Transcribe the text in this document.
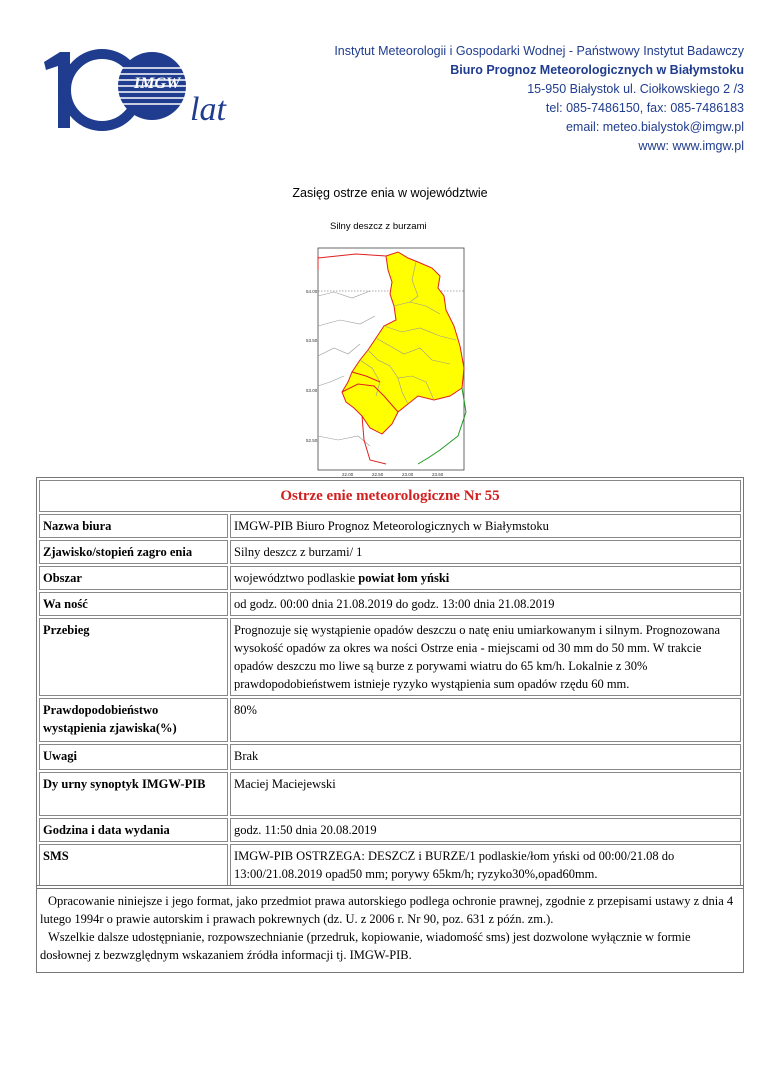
IMGW
lat
Instytut Meteorologii i Gospodarki Wodnej - Państwowy Instytut Badawczy
Biuro Prognoz Meteorologicznych w Białymstoku
15-950 Białystok ul. Ciołkowskiego 2 /3
tel: 085-7486150, fax: 085-7486183
email: meteo.bialystok@imgw.pl
www: www.imgw.pl
Zasięg ostrze enia w województwie
Silny deszcz z burzami
54.00
53.50
53.00
52.50
22.00	22.50	23.00	23.50
Ostrze enie meteorologiczne Nr 55	
Nazwa biura	IMGW-PIB Biuro Prognoz Meteorologicznych w Białymstoku
Zjawisko/stopień zagro enia	Silny deszcz z burzami/ 1
Obszar	województwo podlaskie powiat łom yński
Wa ność	od godz. 00:00 dnia 21.08.2019 do godz. 13:00 dnia 21.08.2019
Przebieg	Prognozuje się wystąpienie opadów deszczu o natę eniu umiarkowanym i silnym. Prognozowana wysokość opadów za okres wa ności Ostrze enia - miejscami od 30 mm do 50 mm. W trakcie opadów deszczu mo liwe są burze z porywami wiatru do 65 km/h. Lokalnie z 30% prawdopodobieństwem istnieje ryzyko wystąpienia sum opadów rzędu 60 mm.
Prawdopodobieństwo wystąpienia zjawiska(%)	80%
Uwagi	Brak
Dy urny synoptyk IMGW-PIB	Maciej Maciejewski
Godzina i data wydania	godz. 11:50 dnia 20.08.2019
SMS	IMGW-PIB OSTRZEGA: DESZCZ i BURZE/1 podlaskie/łom yński od 00:00/21.08 do 13:00/21.08.2019 opad50 mm; porywy 65km/h; ryzyko30%,opad60mm.

Opracowanie niniejsze i jego format, jako przedmiot prawa autorskiego podlega ochronie prawnej, zgodnie z przepisami ustawy z dnia 4 lutego 1994r o prawie autorskim i prawach pokrewnych (dz. U. z 2006 r. Nr 90, poz. 631 z późn. zm.).

Wszelkie dalsze udostępnianie, rozpowszechnianie (przedruk, kopiowanie, wiadomość sms) jest dozwolone wyłącznie w formie dosłownej z bezwzględnym wskazaniem źródła informacji tj. IMGW-PIB.
